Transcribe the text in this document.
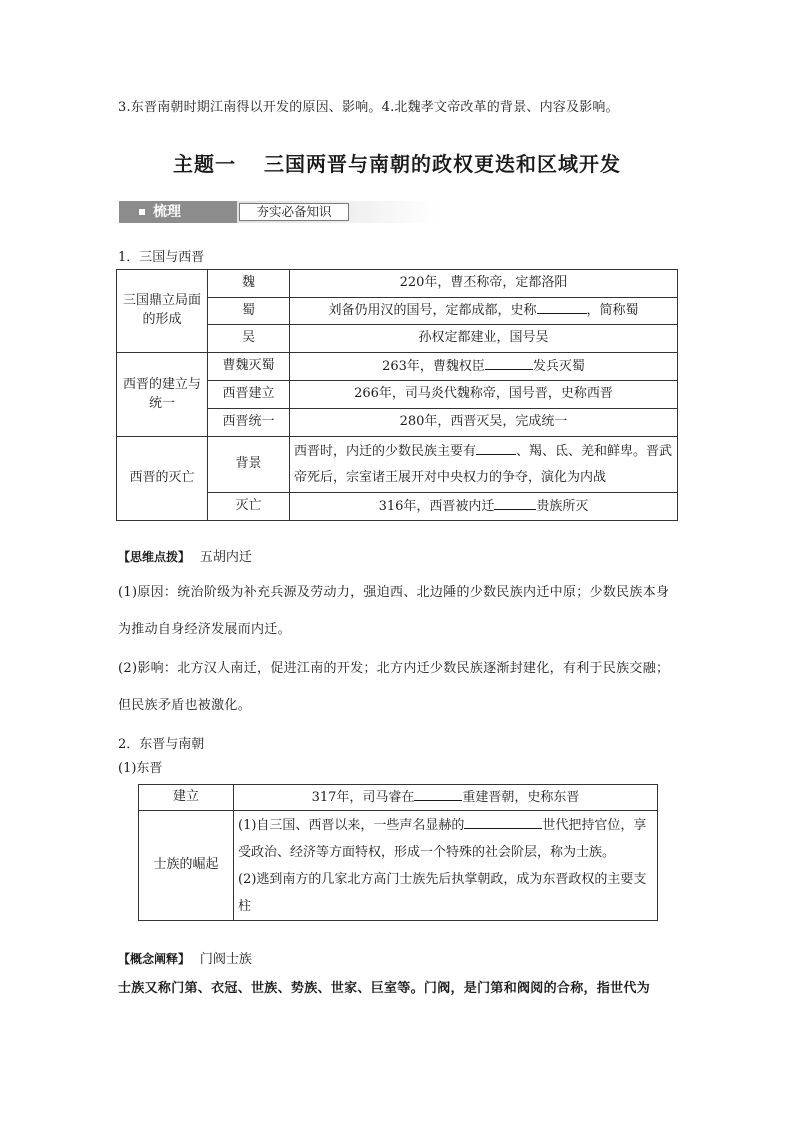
3.东晋南朝时期江南得以开发的原因、影响。4.北魏孝文帝改革的背景、内容及影响。
主题一 三国两晋与南朝的政权更迭和区域开发
梳理	夯实必备知识
1．三国与西晋
三国鼎立局面的形成	魏	220年，曹丕称帝，定都洛阳
	蜀	刘备仍用汉的国号，定都成都，史称 ，简称蜀
	吴	孙权定都建业，国号吴
西晋的建立与统一	曹魏灭蜀	263年，曹魏权臣 发兵灭蜀
	西晋建立	266年，司马炎代魏称帝，国号晋，史称西晋
	西晋统一	280年，西晋灭吴，完成统一
西晋的灭亡	背景	西晋时，内迁的少数民族主要有 、羯、氐、羌和鲜卑。晋武帝死后，宗室诸王展开对中央权力的争夺，演化为内战
	灭亡	316年，西晋被内迁 贵族所灭
【思维点拨】 五胡内迁
(1)原因：统治阶级为补充兵源及劳动力，强迫西、北边陲的少数民族内迁中原；少数民族本身为推动自身经济发展而内迁。
(2)影响：北方汉人南迁，促进江南的开发；北方内迁少数民族逐渐封建化，有利于民族交融；但民族矛盾也被激化。
2．东晋与南朝
(1)东晋
建立	317年，司马睿在 重建晋朝，史称东晋
士族的崛起	(1)自三国、西晋以来，一些声名显赫的 世代把持官位，享受政治、经济等方面特权，形成一个特殊的社会阶层，称为士族。
(2)逃到南方的几家北方高门士族先后执掌朝政，成为东晋政权的主要支柱
【概念阐释】 门阀士族
士族又称门第、衣冠、世族、势族、世家、巨室等。门阀，是门第和阀阅的合称，指世代为
